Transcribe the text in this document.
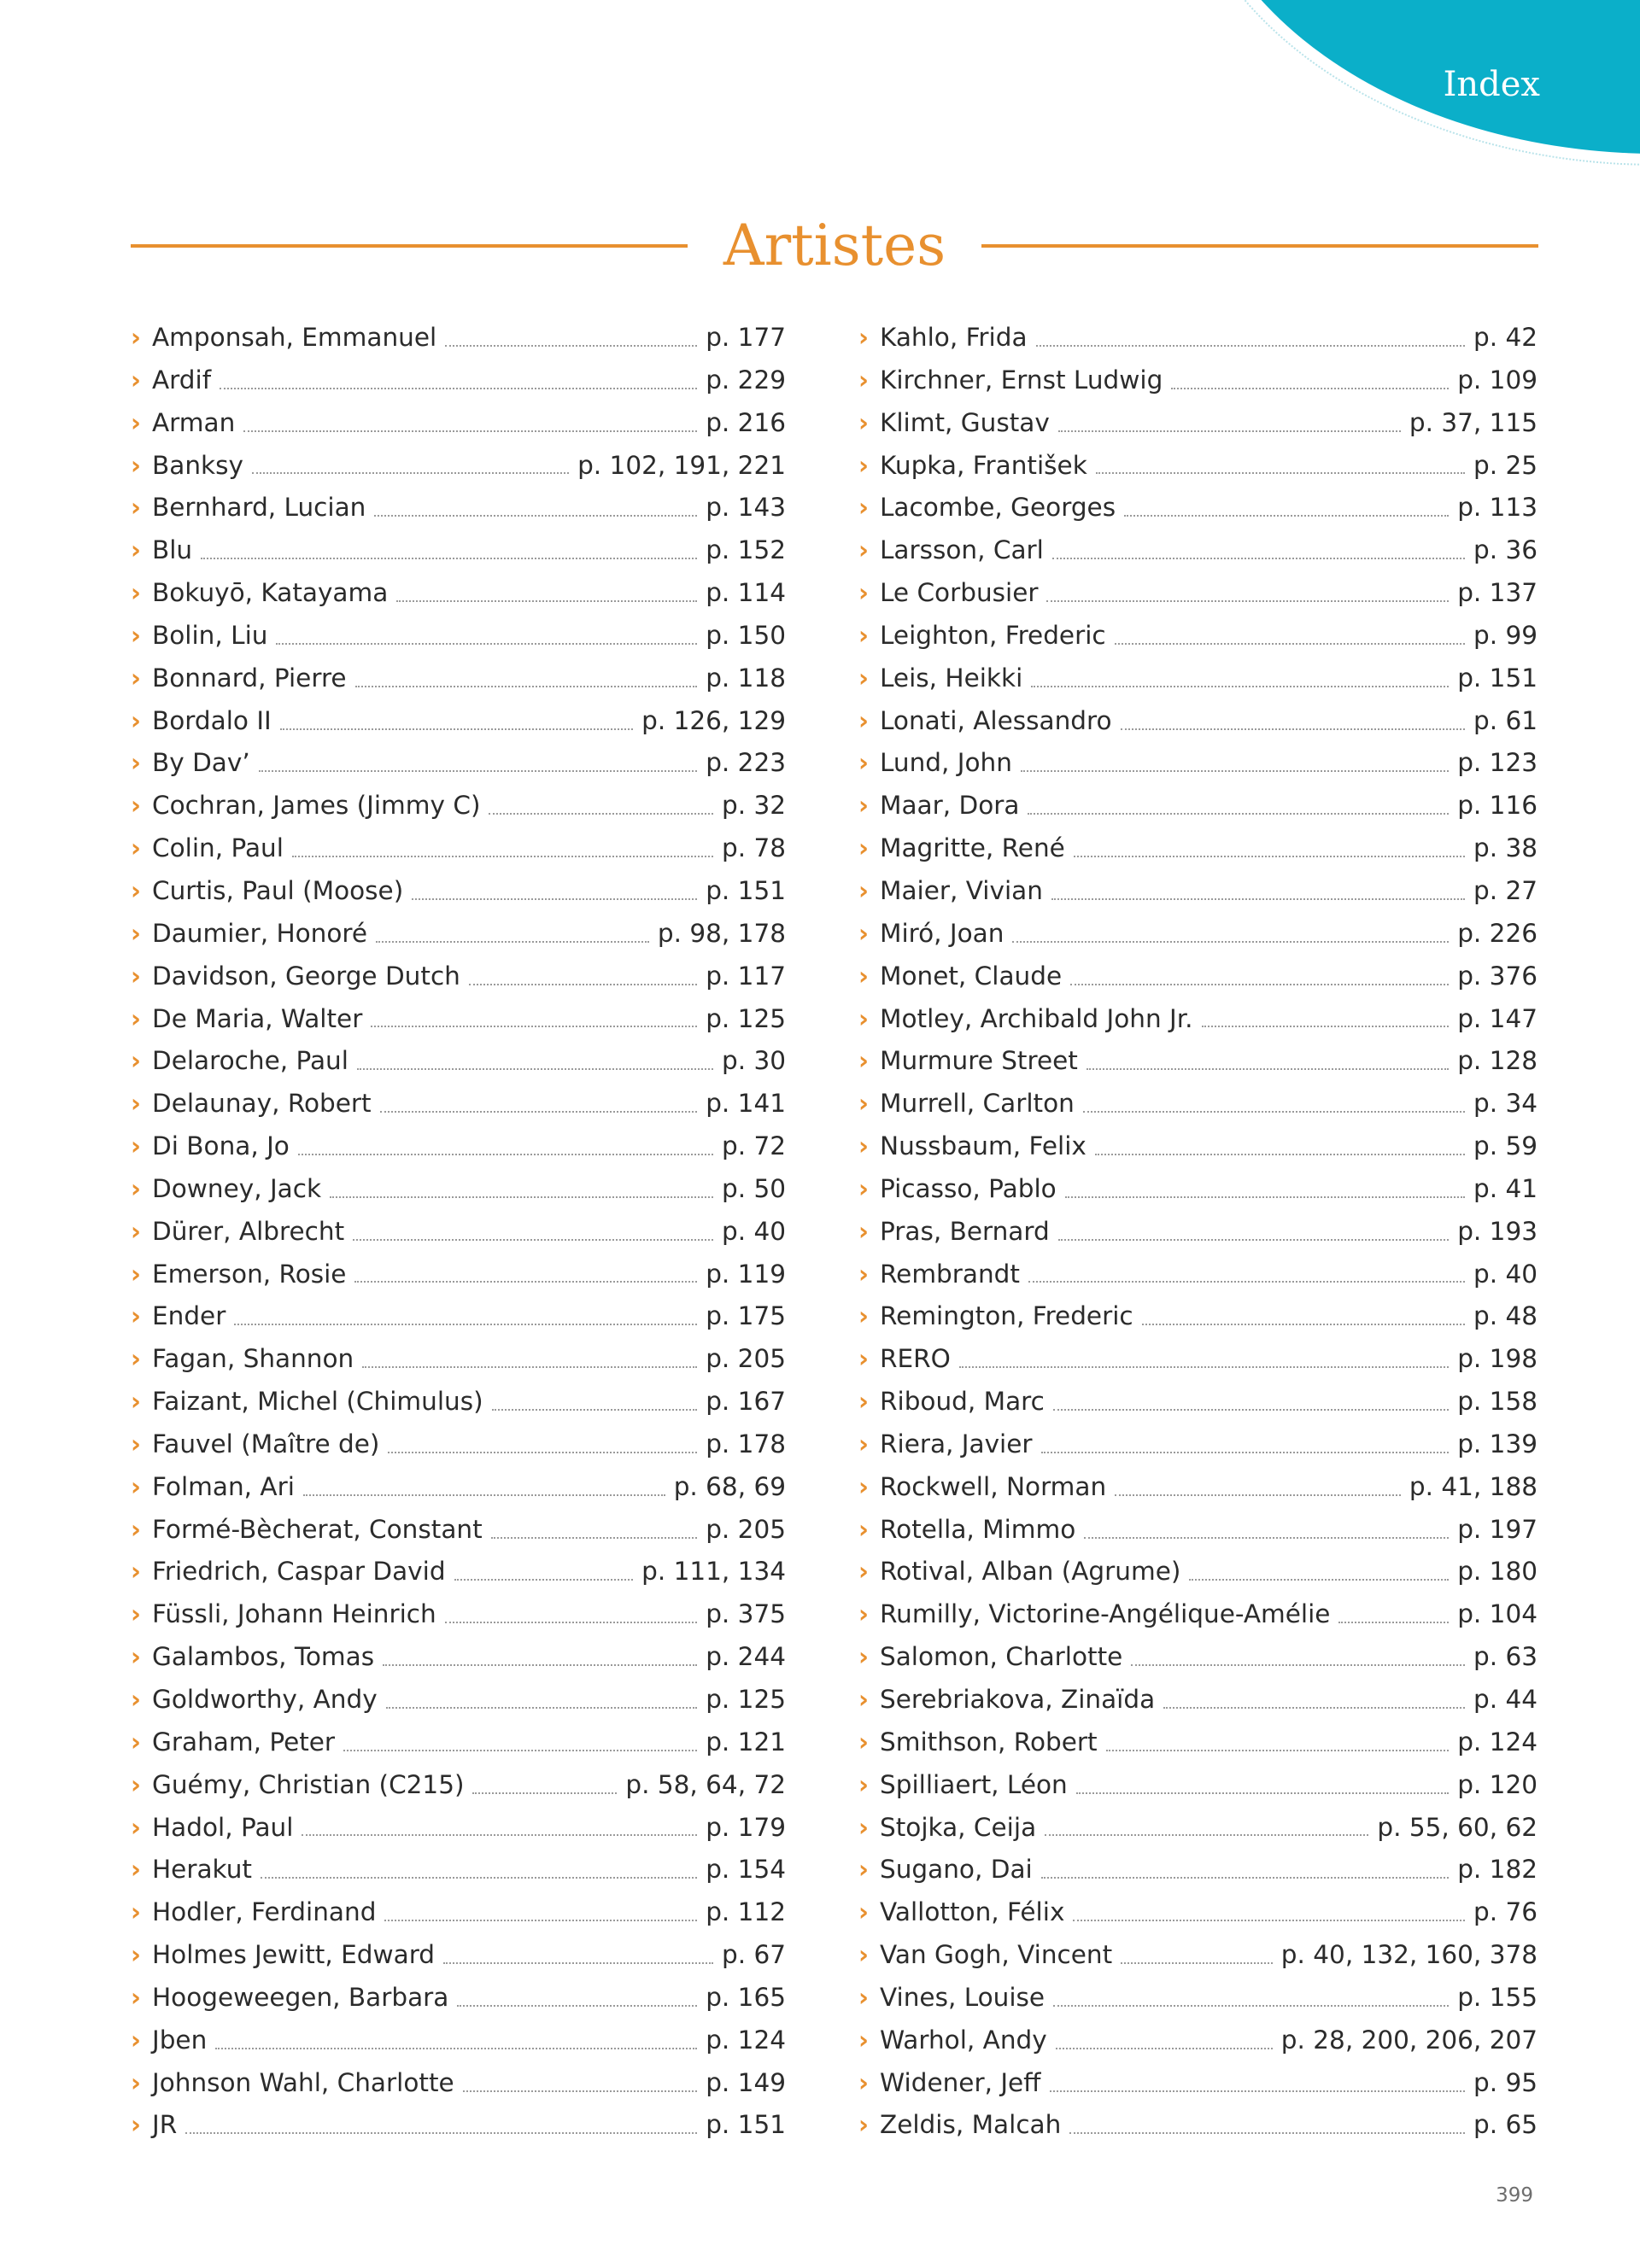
Index
Artistes
› Amponsah, Emmanuel	p. 177
› Ardif	p. 229
› Arman	p. 216
› Banksy	p. 102, 191, 221
› Bernhard, Lucian	p. 143
› Blu	p. 152
› Bokuyō, Katayama	p. 114
› Bolin, Liu	p. 150
› Bonnard, Pierre	p. 118
› Bordalo II	p. 126, 129
› By Dav’	p. 223
› Cochran, James (Jimmy C)	p. 32
› Colin, Paul	p. 78
› Curtis, Paul (Moose)	p. 151
› Daumier, Honoré	p. 98, 178
› Davidson, George Dutch	p. 117
› De Maria, Walter	p. 125
› Delaroche, Paul	p. 30
› Delaunay, Robert	p. 141
› Di Bona, Jo	p. 72
› Downey, Jack	p. 50
› Dürer, Albrecht	p. 40
› Emerson, Rosie	p. 119
› Ender	p. 175
› Fagan, Shannon	p. 205
› Faizant, Michel (Chimulus)	p. 167
› Fauvel (Maître de)	p. 178
› Folman, Ari	p. 68, 69
› Formé-Bècherat, Constant	p. 205
› Friedrich, Caspar David	p. 111, 134
› Füssli, Johann Heinrich	p. 375
› Galambos, Tomas	p. 244
› Goldworthy, Andy	p. 125
› Graham, Peter	p. 121
› Guémy, Christian (C215)	p. 58, 64, 72
› Hadol, Paul	p. 179
› Herakut	p. 154
› Hodler, Ferdinand	p. 112
› Holmes Jewitt, Edward	p. 67
› Hoogeweegen, Barbara	p. 165
› Jben	p. 124
› Johnson Wahl, Charlotte	p. 149
› JR	p. 151
› Kahlo, Frida	p. 42
› Kirchner, Ernst Ludwig	p. 109
› Klimt, Gustav	p. 37, 115
› Kupka, František	p. 25
› Lacombe, Georges	p. 113
› Larsson, Carl	p. 36
› Le Corbusier	p. 137
› Leighton, Frederic	p. 99
› Leis, Heikki	p. 151
› Lonati, Alessandro	p. 61
› Lund, John	p. 123
› Maar, Dora	p. 116
› Magritte, René	p. 38
› Maier, Vivian	p. 27
› Miró, Joan	p. 226
› Monet, Claude	p. 376
› Motley, Archibald John Jr.	p. 147
› Murmure Street	p. 128
› Murrell, Carlton	p. 34
› Nussbaum, Felix	p. 59
› Picasso, Pablo	p. 41
› Pras, Bernard	p. 193
› Rembrandt	p. 40
› Remington, Frederic	p. 48
› RERO	p. 198
› Riboud, Marc	p. 158
› Riera, Javier	p. 139
› Rockwell, Norman	p. 41, 188
› Rotella, Mimmo	p. 197
› Rotival, Alban (Agrume)	p. 180
› Rumilly, Victorine-Angélique-Amélie	p. 104
› Salomon, Charlotte	p. 63
› Serebriakova, Zinaïda	p. 44
› Smithson, Robert	p. 124
› Spilliaert, Léon	p. 120
› Stojka, Ceija	p. 55, 60, 62
› Sugano, Dai	p. 182
› Vallotton, Félix	p. 76
› Van Gogh, Vincent	p. 40, 132, 160, 378
› Vines, Louise	p. 155
› Warhol, Andy	p. 28, 200, 206, 207
› Widener, Jeff	p. 95
› Zeldis, Malcah	p. 65
399
